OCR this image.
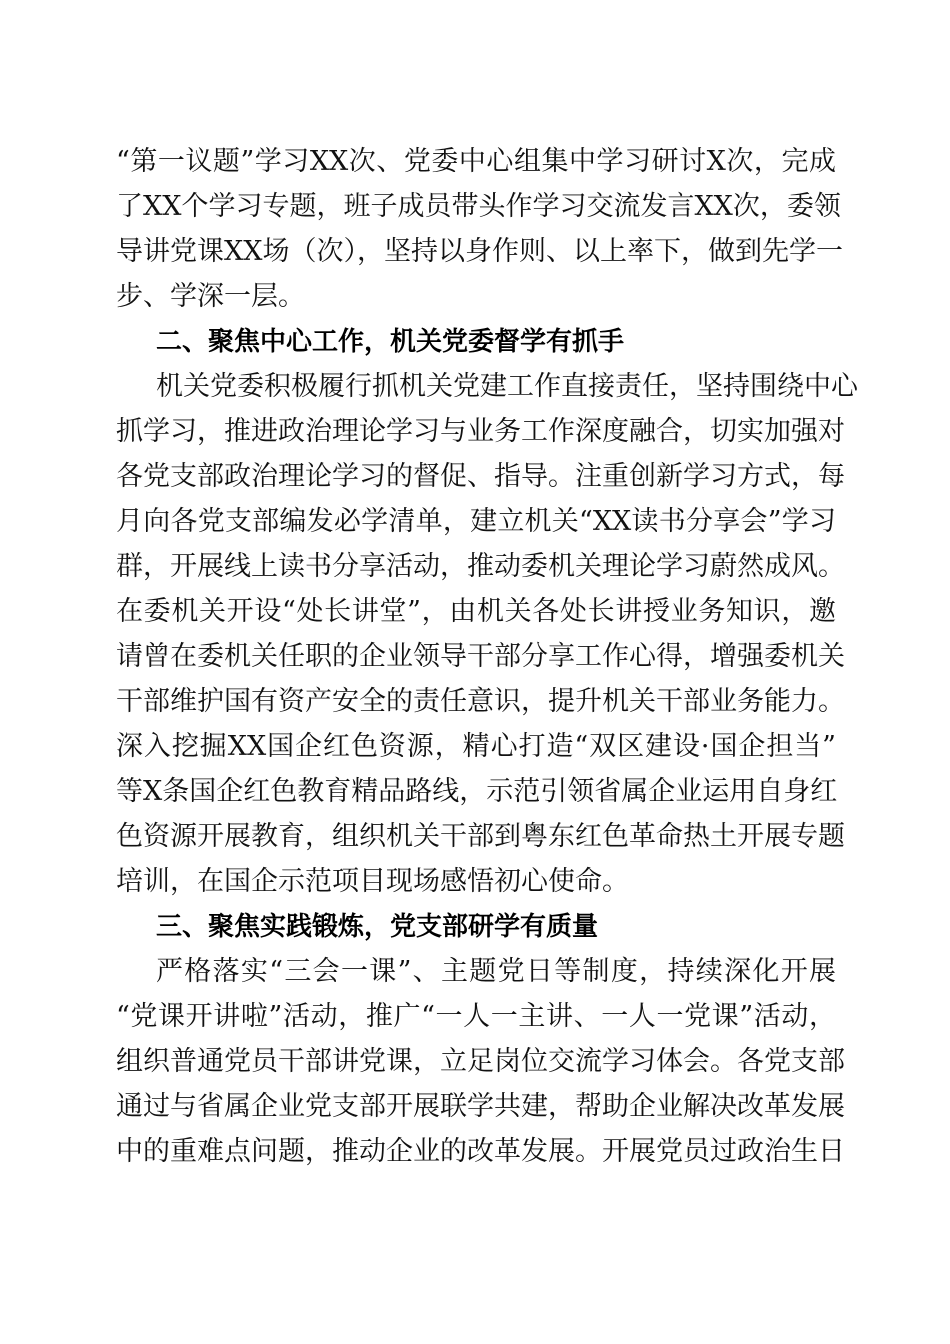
“第一议题”学习XX次、党委中心组集中学习研讨X次，完成
了XX个学习专题，班子成员带头作学习交流发言XX次，委领
导讲党课XX场（次），坚持以身作则、以上率下，做到先学一
步、学深一层。
二、聚焦中心工作，机关党委督学有抓手
机关党委积极履行抓机关党建工作直接责任，坚持围绕中心
抓学习，推进政治理论学习与业务工作深度融合，切实加强对
各党支部政治理论学习的督促、指导。注重创新学习方式，每
月向各党支部编发必学清单，建立机关“XX读书分享会”学习
群，开展线上读书分享活动，推动委机关理论学习蔚然成风。
在委机关开设“处长讲堂”，由机关各处长讲授业务知识，邀
请曾在委机关任职的企业领导干部分享工作心得，增强委机关
干部维护国有资产安全的责任意识，提升机关干部业务能力。
深入挖掘XX国企红色资源，精心打造“双区建设·国企担当”
等X条国企红色教育精品路线，示范引领省属企业运用自身红
色资源开展教育，组织机关干部到粤东红色革命热土开展专题
培训，在国企示范项目现场感悟初心使命。
三、聚焦实践锻炼，党支部研学有质量
严格落实“三会一课”、主题党日等制度，持续深化开展
“党课开讲啦”活动，推广“一人一主讲、一人一党课”活动，
组织普通党员干部讲党课，立足岗位交流学习体会。各党支部
通过与省属企业党支部开展联学共建，帮助企业解决改革发展
中的重难点问题，推动企业的改革发展。开展党员过政治生日
